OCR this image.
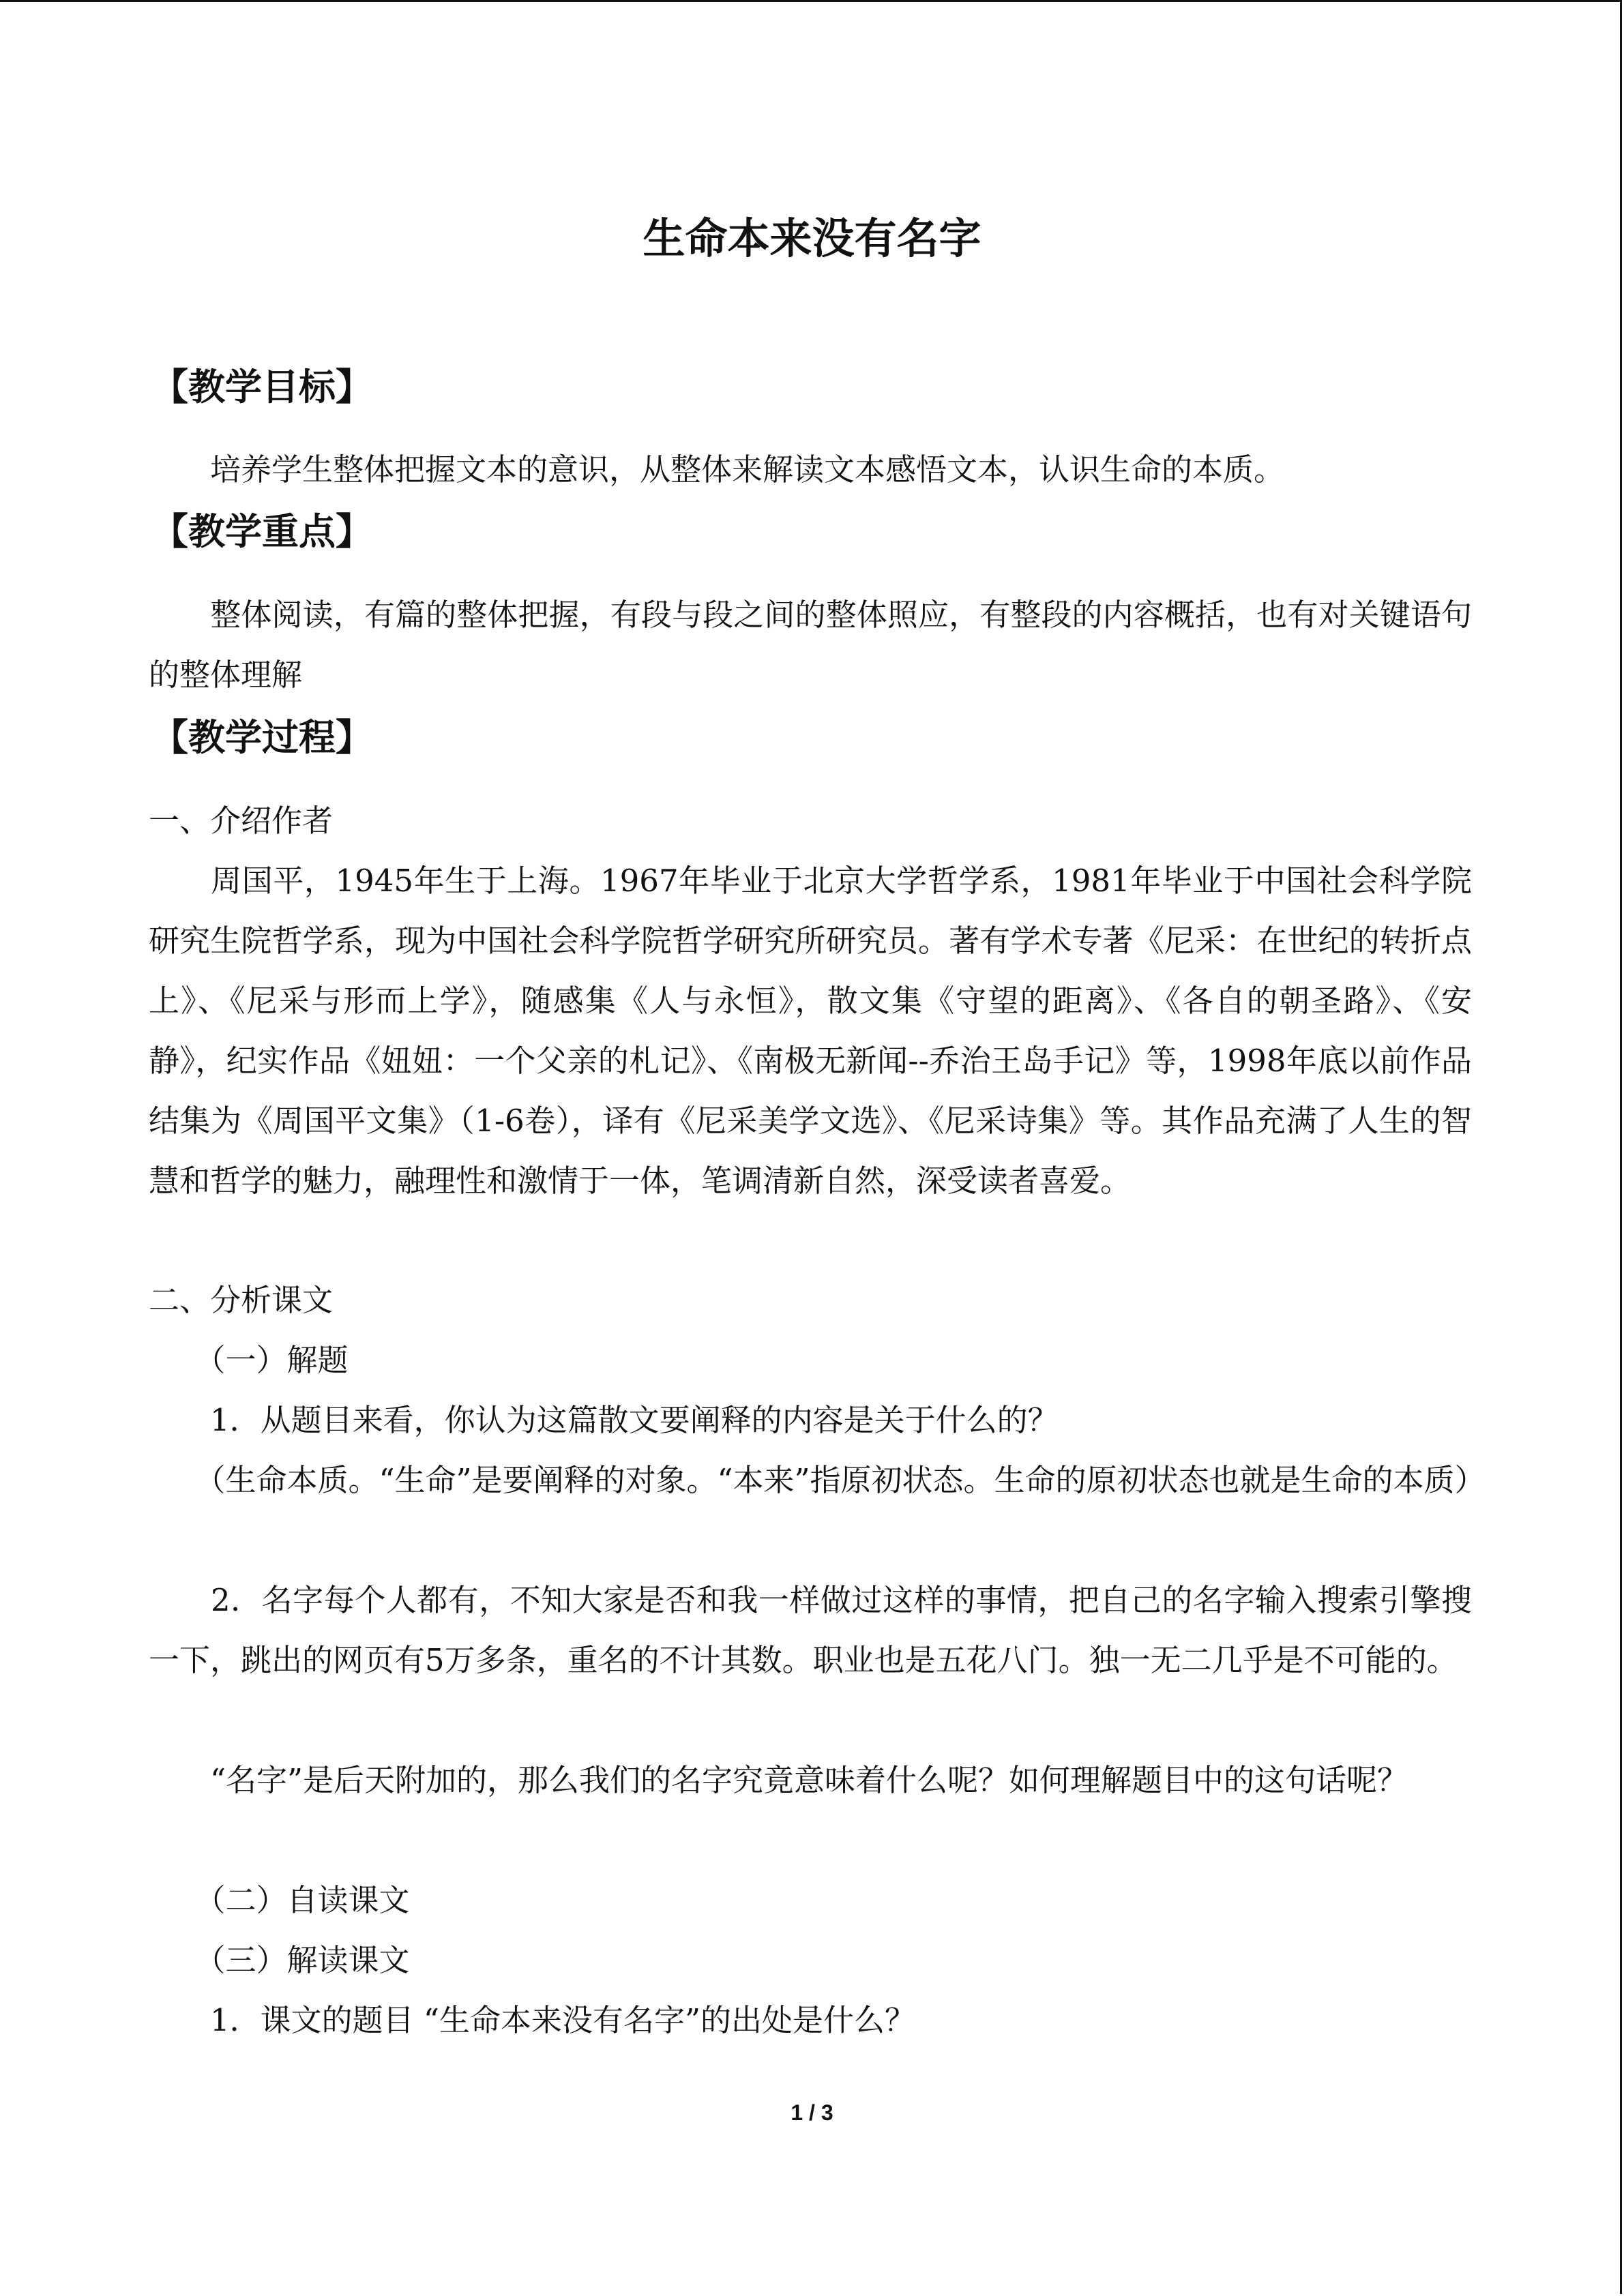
生命本来没有名字
【教学目标】

　　培养学生整体把握文本的意识，从整体来解读文本感悟文本，认识生命的本质。

【教学重点】

　　整体阅读，有篇的整体把握，有段与段之间的整体照应，有整段的内容概括，也有对关键语句的整体理解

【教学过程】

一、介绍作者

　　周国平，1945年生于上海。1967年毕业于北京大学哲学系，1981年毕业于中国社会科学院研究生院哲学系，现为中国社会科学院哲学研究所研究员。著有学术专著《尼采：在世纪的转折点上》、《尼采与形而上学》，随感集《人与永恒》，散文集《守望的距离》、《各自的朝圣路》、《安静》，纪实作品《妞妞：一个父亲的札记》、《南极无新闻--乔治王岛手记》等，1998年底以前作品结集为《周国平文集》（1-6卷），译有《尼采美学文选》、《尼采诗集》等。其作品充满了人生的智慧和哲学的魅力，融理性和激情于一体，笔调清新自然，深受读者喜爱。

二、分析课文

　　（一）解题

　　1．从题目来看，你认为这篇散文要阐释的内容是关于什么的？

　　（生命本质。“生命”是要阐释的对象。“本来”指原初状态。生命的原初状态也就是生命的本质）

　　2．名字每个人都有，不知大家是否和我一样做过这样的事情，把自己的名字输入搜索引擎搜一下，跳出的网页有5万多条，重名的不计其数。职业也是五花八门。独一无二几乎是不可能的。

　　“名字”是后天附加的，那么我们的名字究竟意味着什么呢？如何理解题目中的这句话呢？

　　（二）自读课文

　　（三）解读课文

　　1．课文的题目 “生命本来没有名字”的出处是什么？

1 / 3
